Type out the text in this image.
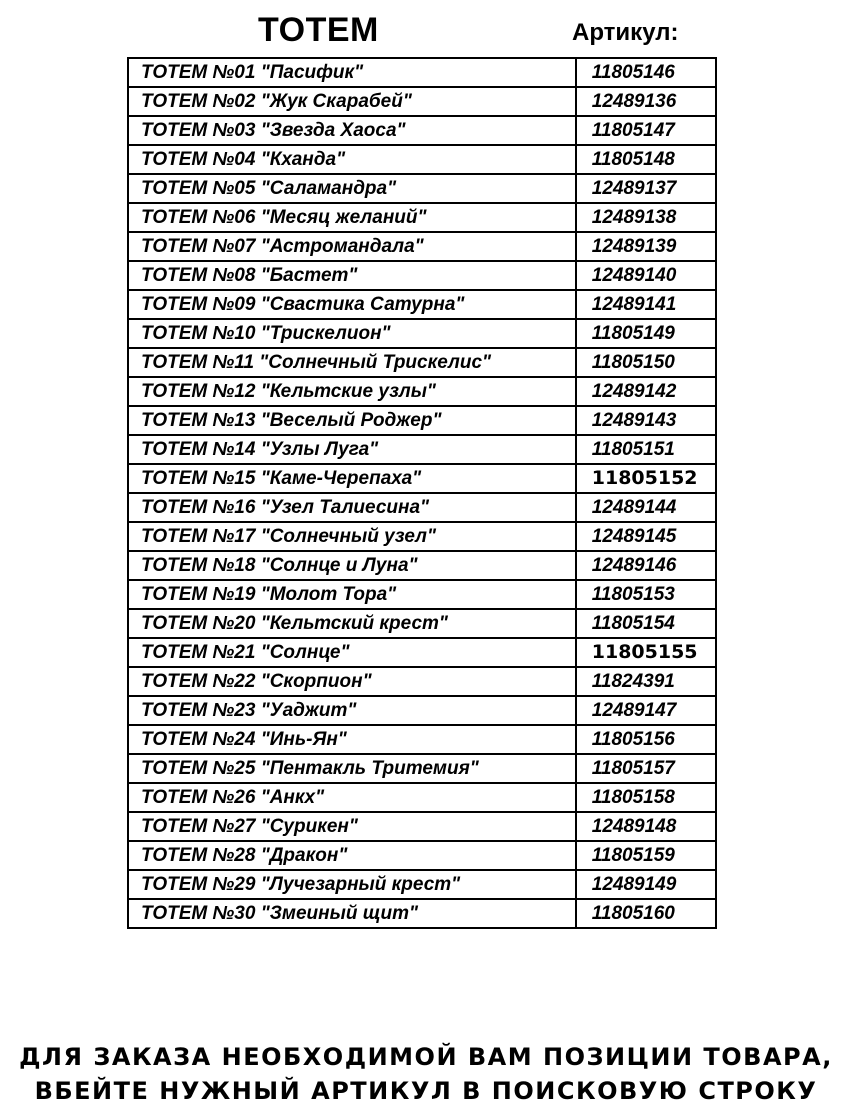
TOTEM	Артикул:
ТОТЕМ №01 "Пасифик"	11805146
ТОТЕМ №02 "Жук Скарабей"	12489136
ТОТЕМ №03 "Звезда Хаоса"	11805147
ТОТЕМ №04 "Кханда"	11805148
ТОТЕМ №05 "Саламандра"	12489137
ТОТЕМ №06 "Месяц желаний"	12489138
ТОТЕМ №07 "Астромандала"	12489139
ТОТЕМ №08 "Бастет"	12489140
ТОТЕМ №09 "Свастика Сатурна"	12489141
ТОТЕМ №10 "Трискелион"	11805149
ТОТЕМ №11 "Солнечный Трискелис"	11805150
ТОТЕМ №12 "Кельтские узлы"	12489142
ТОТЕМ №13 "Веселый Роджер"	12489143
ТОТЕМ №14 "Узлы Луга"	11805151
ТОТЕМ №15 "Каме-Черепаха"	11805152
ТОТЕМ №16 "Узел Талиесина"	12489144
ТОТЕМ №17 "Солнечный узел"	12489145
ТОТЕМ №18 "Солнце и Луна"	12489146
ТОТЕМ №19 "Молот Тора"	11805153
ТОТЕМ №20 "Кельтский крест"	11805154
ТОТЕМ №21 "Солнце"	11805155
ТОТЕМ №22 "Скорпион"	11824391
ТОТЕМ №23 "Уаджит"	12489147
ТОТЕМ №24 "Инь-Ян"	11805156
ТОТЕМ №25 "Пентакль Тритемия"	11805157
ТОТЕМ №26 "Анкх"	11805158
ТОТЕМ №27 "Сурикен"	12489148
ТОТЕМ №28 "Дракон"	11805159
ТОТЕМ №29 "Лучезарный крест"	12489149
ТОТЕМ №30 "Змеиный щит"	11805160
ДЛЯ ЗАКАЗА НЕОБХОДИМОЙ ВАМ ПОЗИЦИИ ТОВАРА,
ВБЕЙТЕ НУЖНЫЙ АРТИКУЛ В ПОИСКОВУЮ СТРОКУ
